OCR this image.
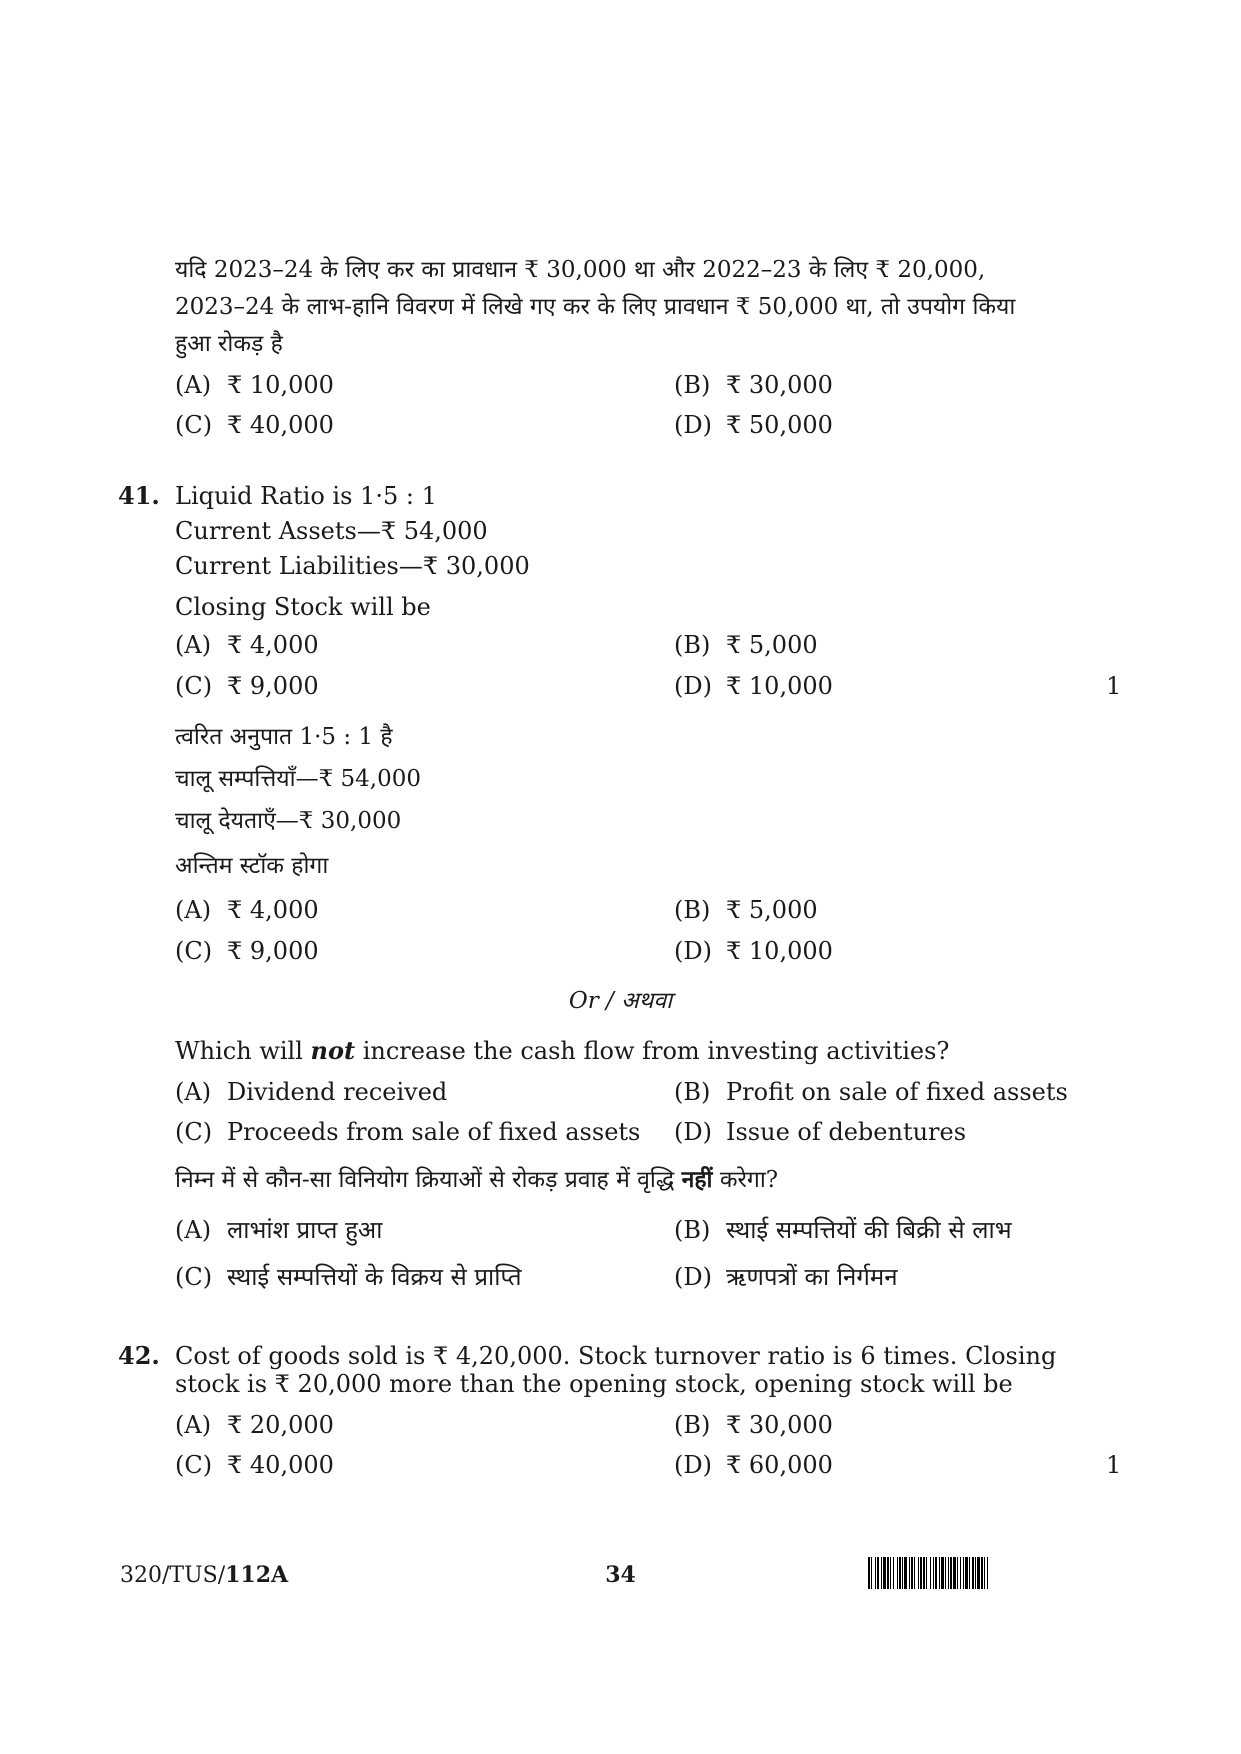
यदि 2023–24 के लिए कर का प्रावधान ₹ 30,000 था और 2022–23 के लिए ₹ 20,000,
2023–24 के लाभ-हानि विवरण में लिखे गए कर के लिए प्रावधान ₹ 50,000 था, तो उपयोग किया
हुआ रोकड़ है
(A) ₹ 10,000	(B) ₹ 30,000
(C) ₹ 40,000	(D) ₹ 50,000
41. Liquid Ratio is 1·5 : 1
Current Assets—₹ 54,000
Current Liabilities—₹ 30,000
Closing Stock will be
(A) ₹ 4,000	(B) ₹ 5,000
(C) ₹ 9,000	(D) ₹ 10,000	1
त्वरित अनुपात 1·5 : 1 है
चालू सम्पत्तियाँ—₹ 54,000
चालू देयताएँ—₹ 30,000
अन्तिम स्टॉक होगा
(A) ₹ 4,000	(B) ₹ 5,000
(C) ₹ 9,000	(D) ₹ 10,000
Or / अथवा
Which will not increase the cash flow from investing activities?
(A) Dividend received	(B) Profit on sale of fixed assets
(C) Proceeds from sale of fixed assets (D) Issue of debentures
निम्न में से कौन-सा विनियोग क्रियाओं से रोकड़ प्रवाह में वृद्धि नहीं करेगा?
(A) लाभांश प्राप्त हुआ	(B) स्थाई सम्पत्तियों की बिक्री से लाभ
(C) स्थाई सम्पत्तियों के विक्रय से प्राप्ति	(D) ऋणपत्रों का निर्गमन
42. Cost of goods sold is ₹ 4,20,000. Stock turnover ratio is 6 times. Closing
stock is ₹ 20,000 more than the opening stock, opening stock will be
(A) ₹ 20,000	(B) ₹ 30,000
(C) ₹ 40,000	(D) ₹ 60,000	1
320/TUS/112A	34
